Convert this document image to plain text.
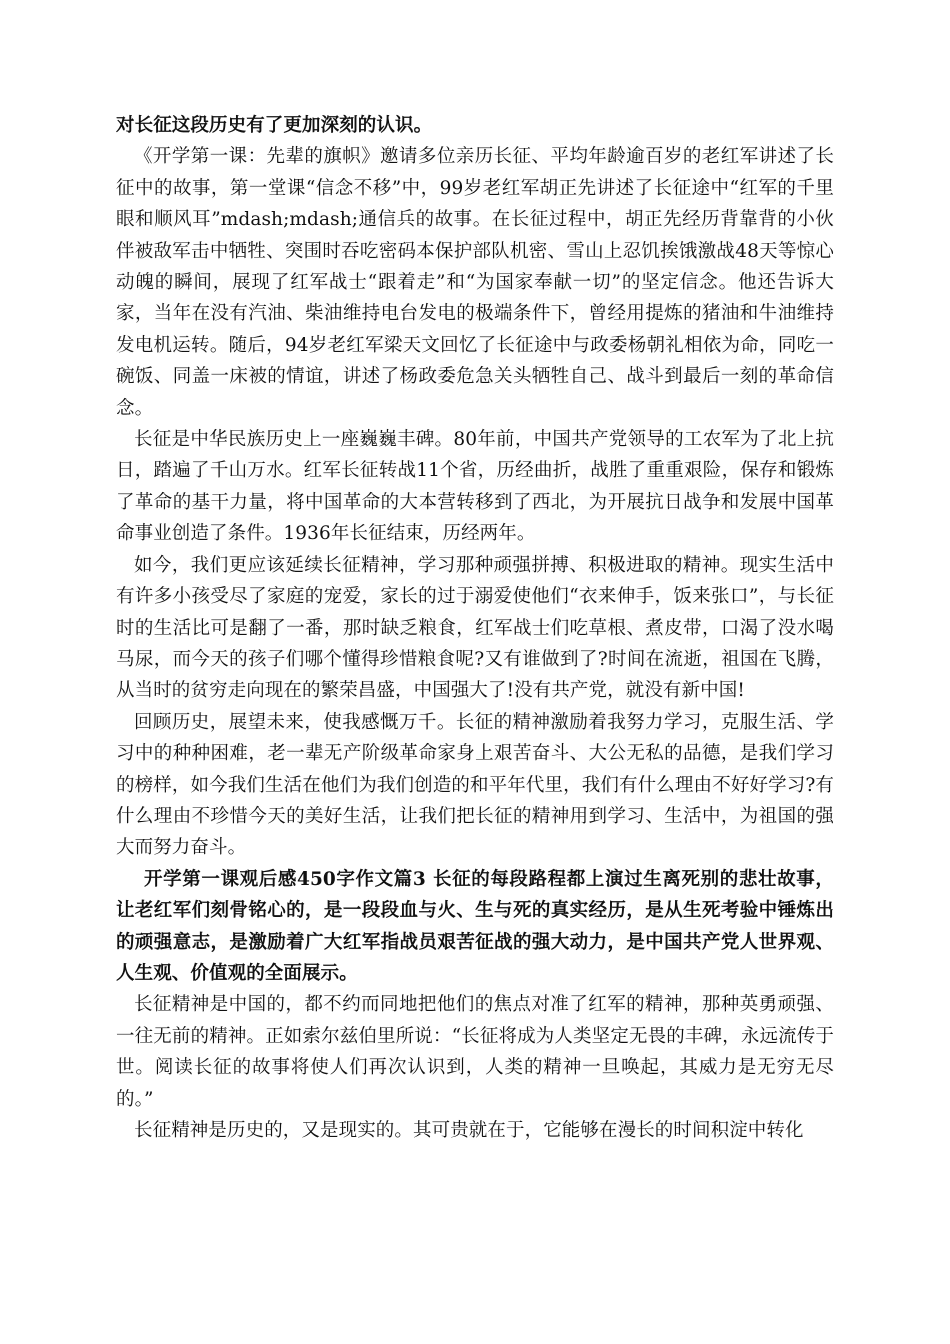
对长征这段历史有了更加深刻的认识。

《开学第一课：先辈的旗帜》邀请多位亲历长征、平均年龄逾百岁的老红军讲述了长征中的故事，第一堂课“信念不移”中，99岁老红军胡正先讲述了长征途中“红军的千里眼和顺风耳”mdash;mdash;通信兵的故事。在长征过程中，胡正先经历背靠背的小伙伴被敌军击中牺牲、突围时吞吃密码本保护部队机密、雪山上忍饥挨饿激战48天等惊心动魄的瞬间，展现了红军战士“跟着走”和“为国家奉献一切”的坚定信念。他还告诉大家，当年在没有汽油、柴油维持电台发电的极端条件下，曾经用提炼的猪油和牛油维持发电机运转。随后，94岁老红军梁天文回忆了长征途中与政委杨朝礼相依为命，同吃一碗饭、同盖一床被的情谊，讲述了杨政委危急关头牺牲自己、战斗到最后一刻的革命信念。

长征是中华民族历史上一座巍巍丰碑。80年前，中国共产党领导的工农军为了北上抗日，踏遍了千山万水。红军长征转战11个省，历经曲折，战胜了重重艰险，保存和锻炼了革命的基干力量，将中国革命的大本营转移到了西北，为开展抗日战争和发展中国革命事业创造了条件。1936年长征结束，历经两年。

如今，我们更应该延续长征精神，学习那种顽强拼搏、积极进取的精神。现实生活中有许多小孩受尽了家庭的宠爱，家长的过于溺爱使他们“衣来伸手，饭来张口”，与长征时的生活比可是翻了一番，那时缺乏粮食，红军战士们吃草根、煮皮带，口渴了没水喝马尿，而今天的孩子们哪个懂得珍惜粮食呢?又有谁做到了?时间在流逝，祖国在飞腾，从当时的贫穷走向现在的繁荣昌盛，中国强大了!没有共产党，就没有新中国!

回顾历史，展望未来，使我感慨万千。长征的精神激励着我努力学习，克服生活、学习中的种种困难，老一辈无产阶级革命家身上艰苦奋斗、大公无私的品德，是我们学习的榜样，如今我们生活在他们为我们创造的和平年代里，我们有什么理由不好好学习?有什么理由不珍惜今天的美好生活，让我们把长征的精神用到学习、生活中，为祖国的强大而努力奋斗。

开学第一课观后感450字作文篇3 长征的每段路程都上演过生离死别的悲壮故事，让老红军们刻骨铭心的，是一段段血与火、生与死的真实经历，是从生死考验中锤炼出的顽强意志，是激励着广大红军指战员艰苦征战的强大动力，是中国共产党人世界观、人生观、价值观的全面展示。

长征精神是中国的，都不约而同地把他们的焦点对准了红军的精神，那种英勇顽强、一往无前的精神。正如索尔兹伯里所说：“长征将成为人类坚定无畏的丰碑，永远流传于世。阅读长征的故事将使人们再次认识到，人类的精神一旦唤起，其威力是无穷无尽的。”

长征精神是历史的，又是现实的。其可贵就在于，它能够在漫长的时间积淀中转化
